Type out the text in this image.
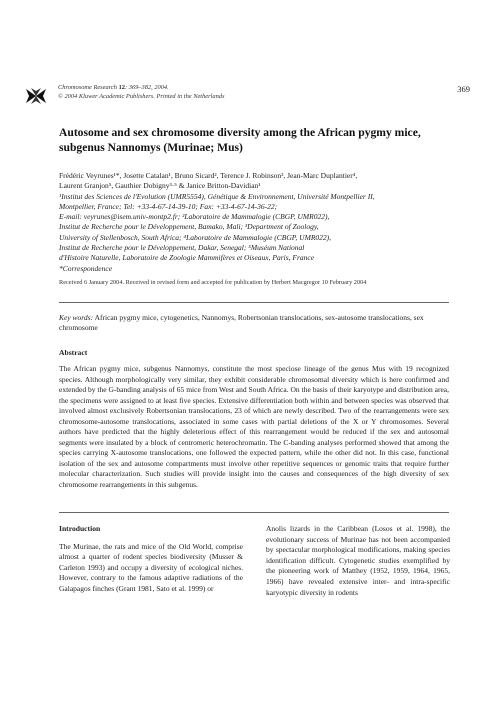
Chromosome Research 12: 369–382, 2004.
© 2004 Kluwer Academic Publishers. Printed in the Netherlands
369
Autosome and sex chromosome diversity among the African pygmy mice, subgenus Nannomys (Murinae; Mus)
Frédéric Veyrunes¹*, Josette Catalan¹, Bruno Sicard², Terence J. Robinson³, Jean-Marc Duplantier⁴,
Laurent Granjon⁵, Gauthier Dobigny³·⁵ & Janice Britton-Davidian¹
¹Institut des Sciences de l'Evolution (UMR5554), Génétique & Environnement, Université Montpellier II,
Montpellier, France; Tel: +33-4-67-14-39-10; Fax: +33-4-67-14-36-22;
E-mail: veyrunes@isem.univ-montp2.fr; ²Laboratoire de Mammalogie (CBGP, UMR022),
Institut de Recherche pour le Développement, Bamako, Mali; ³Department of Zoology,
University of Stellenbosch, South Africa; ⁴Laboratoire de Mammalogie (CBGP, UMR022),
Institut de Recherche pour le Développement, Dakar, Senegal; ⁵Muséum National
d'Histoire Naturelle, Laboratoire de Zoologie Mammifères et Oiseaux, Paris, France
*Correspondence
Received 6 January 2004. Received in revised form and accepted for publication by Herbert Macgregor 10 February 2004
Key words: African pygmy mice, cytogenetics, Nannomys, Robertsonian translocations, sex-autosome translocations, sex chromosome
Abstract
The African pygmy mice, subgenus Nannomys, constitute the most speciose lineage of the genus Mus with 19 recognized species. Although morphologically very similar, they exhibit considerable chromosomal diversity which is here confirmed and extended by the G-banding analysis of 65 mice from West and South Africa. On the basis of their karyotype and distribution area, the specimens were assigned to at least five species. Extensive differentiation both within and between species was observed that involved almost exclusively Robertsonian translocations, 23 of which are newly described. Two of the rearrangements were sex chromosome-autosome translocations, associated in some cases with partial deletions of the X or Y chromosomes. Several authors have predicted that the highly deleterious effect of this rearrangement would be reduced if the sex and autosomal segments were insulated by a block of centromeric heterochromatin. The C-banding analyses performed showed that among the species carrying X-autosome translocations, one followed the expected pattern, while the other did not. In this case, functional isolation of the sex and autosome compartments must involve other repetitive sequences or genomic traits that require further molecular characterization. Such studies will provide insight into the causes and consequences of the high diversity of sex chromosome rearrangements in this subgenus.
Introduction

The Murinae, the rats and mice of the Old World, comprise almost a quarter of rodent species biodiversity (Musser & Carleton 1993) and occupy a diversity of ecological niches. However, contrary to the famous adaptive radiations of the Galapagos finches (Grant 1981, Sato et al. 1999) or

Anolis lizards in the Caribbean (Losos et al. 1998), the evolutionary success of Murinae has not been accompanied by spectacular morphological modifications, making species identification difficult. Cytogenetic studies exemplified by the pioneering work of Matthey (1952, 1959, 1964, 1965, 1966) have revealed extensive inter- and intra-specific karyotypic diversity in rodents
